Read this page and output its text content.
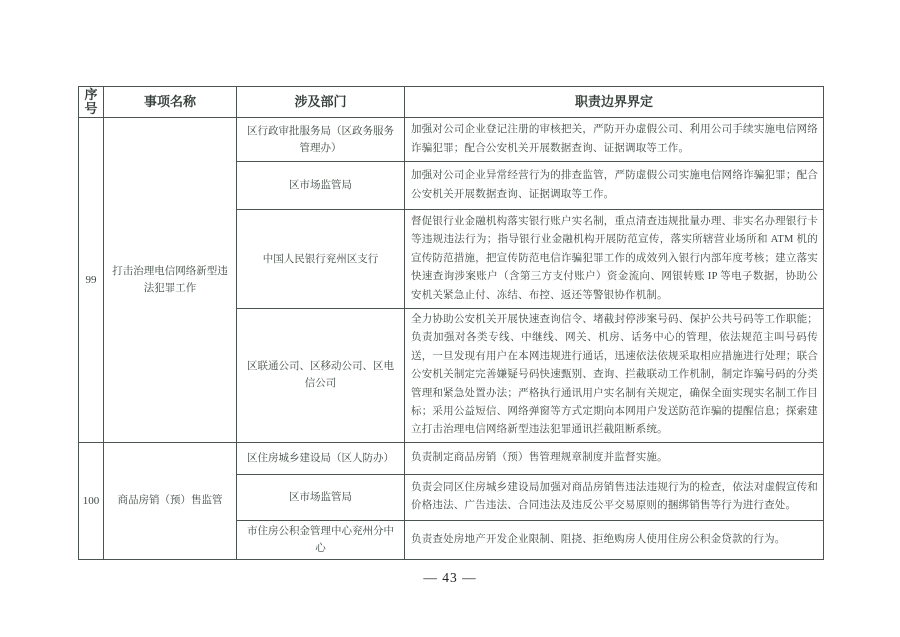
序号	事项名称	涉及部门	职责边界界定
99	打击治理电信网络新型违法犯罪工作	区行政审批服务局（区政务服务管理办）	加强对公司企业登记注册的审核把关，严防开办虚假公司、利用公司手续实施电信网络诈骗犯罪；配合公安机关开展数据查询、证据调取等工作。
		区市场监管局	加强对公司企业异常经营行为的排查监管，严防虚假公司实施电信网络诈骗犯罪；配合公安机关开展数据查询、证据调取等工作。
		中国人民银行兖州区支行	督促银行业金融机构落实银行账户实名制，重点清查违规批量办理、非实名办理银行卡等违规违法行为；指导银行业金融机构开展防范宣传，落实所辖营业场所和 ATM 机的宣传防范措施，把宣传防范电信诈骗犯罪工作的成效列入银行内部年度考核；建立落实快速查询涉案账户（含第三方支付账户）资金流向、网银转账 IP 等电子数据，协助公安机关紧急止付、冻结、布控、返还等警银协作机制。
		区联通公司、区移动公司、区电信公司	全力协助公安机关开展快速查询信令、堵截封停涉案号码、保护公共号码等工作职能；负责加强对各类专线、中继线、网关、机房、话务中心的管理，依法规范主叫号码传送，一旦发现有用户在本网违规进行通话，迅速依法依规采取相应措施进行处理；联合公安机关制定完善嫌疑号码快速甄别、查询、拦截联动工作机制，制定诈骗号码的分类管理和紧急处置办法；严格执行通讯用户实名制有关规定，确保全面实现实名制工作目标；采用公益短信、网络弹窗等方式定期向本网用户发送防范诈骗的提醒信息；探索建立打击治理电信网络新型违法犯罪通讯拦截阻断系统。
100	商品房销（预）售监管	区住房城乡建设局（区人防办）	负责制定商品房销（预）售管理规章制度并监督实施。
		区市场监管局	负责会同区住房城乡建设局加强对商品房销售违法违规行为的检查，依法对虚假宣传和价格违法、广告违法、合同违法及违反公平交易原则的捆绑销售等行为进行查处。
		市住房公积金管理中心兖州分中心	负责查处房地产开发企业限制、阻挠、拒绝购房人使用住房公积金贷款的行为。
— 43 —
